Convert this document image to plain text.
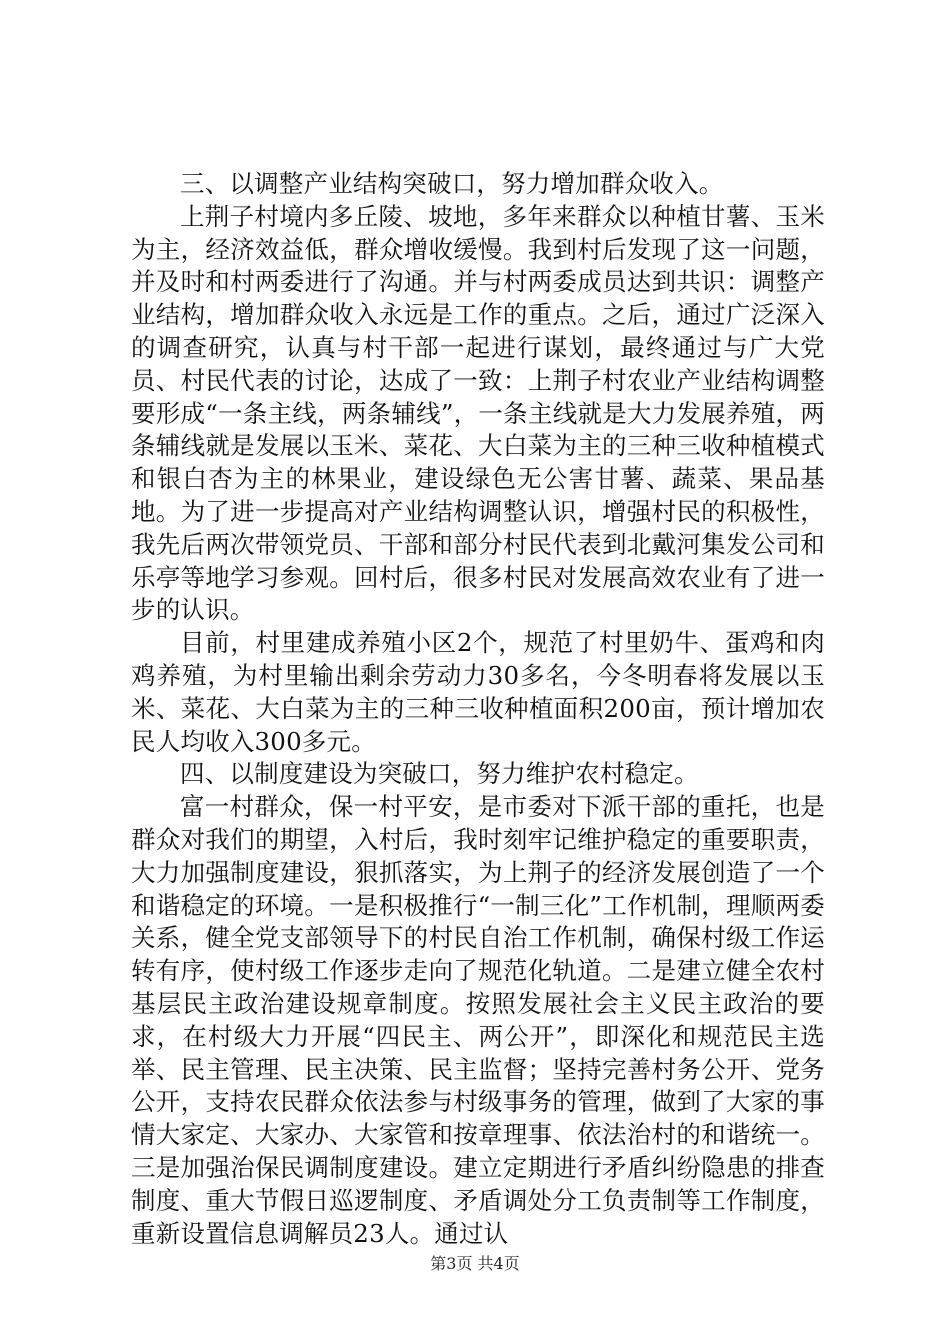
三、以调整产业结构突破口，努力增加群众收入。

上荆子村境内多丘陵、坡地，多年来群众以种植甘薯、玉米为主，经济效益低，群众增收缓慢。我到村后发现了这一问题，并及时和村两委进行了沟通。并与村两委成员达到共识：调整产业结构，增加群众收入永远是工作的重点。之后，通过广泛深入的调查研究，认真与村干部一起进行谋划，最终通过与广大党员、村民代表的讨论，达成了一致：上荆子村农业产业结构调整要形成“一条主线，两条辅线”，一条主线就是大力发展养殖，两条辅线就是发展以玉米、菜花、大白菜为主的三种三收种植模式和银白杏为主的林果业，建设绿色无公害甘薯、蔬菜、果品基地。为了进一步提高对产业结构调整认识，增强村民的积极性，我先后两次带领党员、干部和部分村民代表到北戴河集发公司和乐亭等地学习参观。回村后，很多村民对发展高效农业有了进一步的认识。

目前，村里建成养殖小区2个，规范了村里奶牛、蛋鸡和肉鸡养殖，为村里输出剩余劳动力30多名，今冬明春将发展以玉米、菜花、大白菜为主的三种三收种植面积200亩，预计增加农民人均收入300多元。

四、以制度建设为突破口，努力维护农村稳定。

富一村群众，保一村平安，是市委对下派干部的重托，也是群众对我们的期望，入村后，我时刻牢记维护稳定的重要职责，大力加强制度建设，狠抓落实，为上荆子的经济发展创造了一个和谐稳定的环境。一是积极推行“一制三化”工作机制，理顺两委关系，健全党支部领导下的村民自治工作机制，确保村级工作运转有序，使村级工作逐步走向了规范化轨道。二是建立健全农村基层民主政治建设规章制度。按照发展社会主义民主政治的要求，在村级大力开展“四民主、两公开”，即深化和规范民主选举、民主管理、民主决策、民主监督；坚持完善村务公开、党务公开，支持农民群众依法参与村级事务的管理，做到了大家的事情大家定、大家办、大家管和按章理事、依法治村的和谐统一。三是加强治保民调制度建设。建立定期进行矛盾纠纷隐患的排查制度、重大节假日巡逻制度、矛盾调处分工负责制等工作制度，重新设置信息调解员23人。通过认

第3页 共4页
